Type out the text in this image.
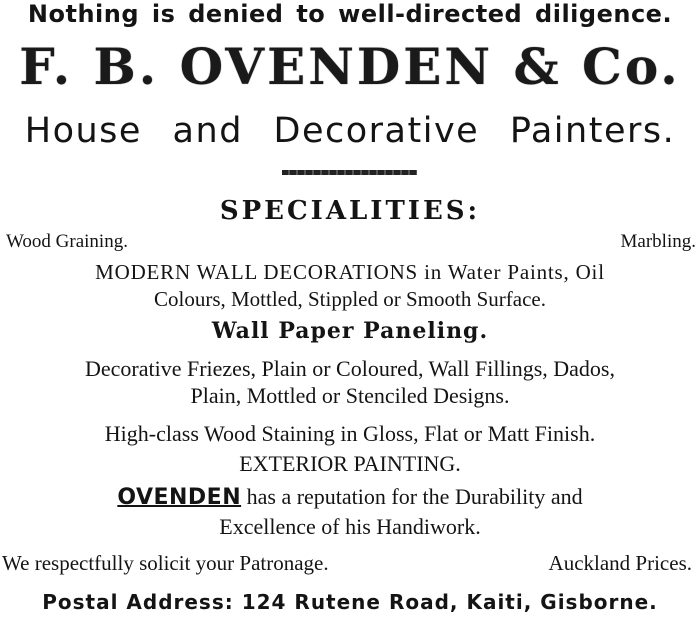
Nothing is denied to well-directed diligence.
F. B. OVENDEN & Co.
House and Decorative Painters.
SPECIALITIES:
Wood Graining.	Marbling.
MODERN WALL DECORATIONS in Water Paints, Oil
Colours, Mottled, Stippled or Smooth Surface.
Wall Paper Paneling.
Decorative Friezes, Plain or Coloured, Wall Fillings, Dados,
Plain, Mottled or Stenciled Designs.
High-class Wood Staining in Gloss, Flat or Matt Finish.
EXTERIOR PAINTING.
OVENDEN has a reputation for the Durability and
Excellence of his Handiwork.
We respectfully solicit your Patronage.	Auckland Prices.
Postal Address: 124 Rutene Road, Kaiti, Gisborne.
